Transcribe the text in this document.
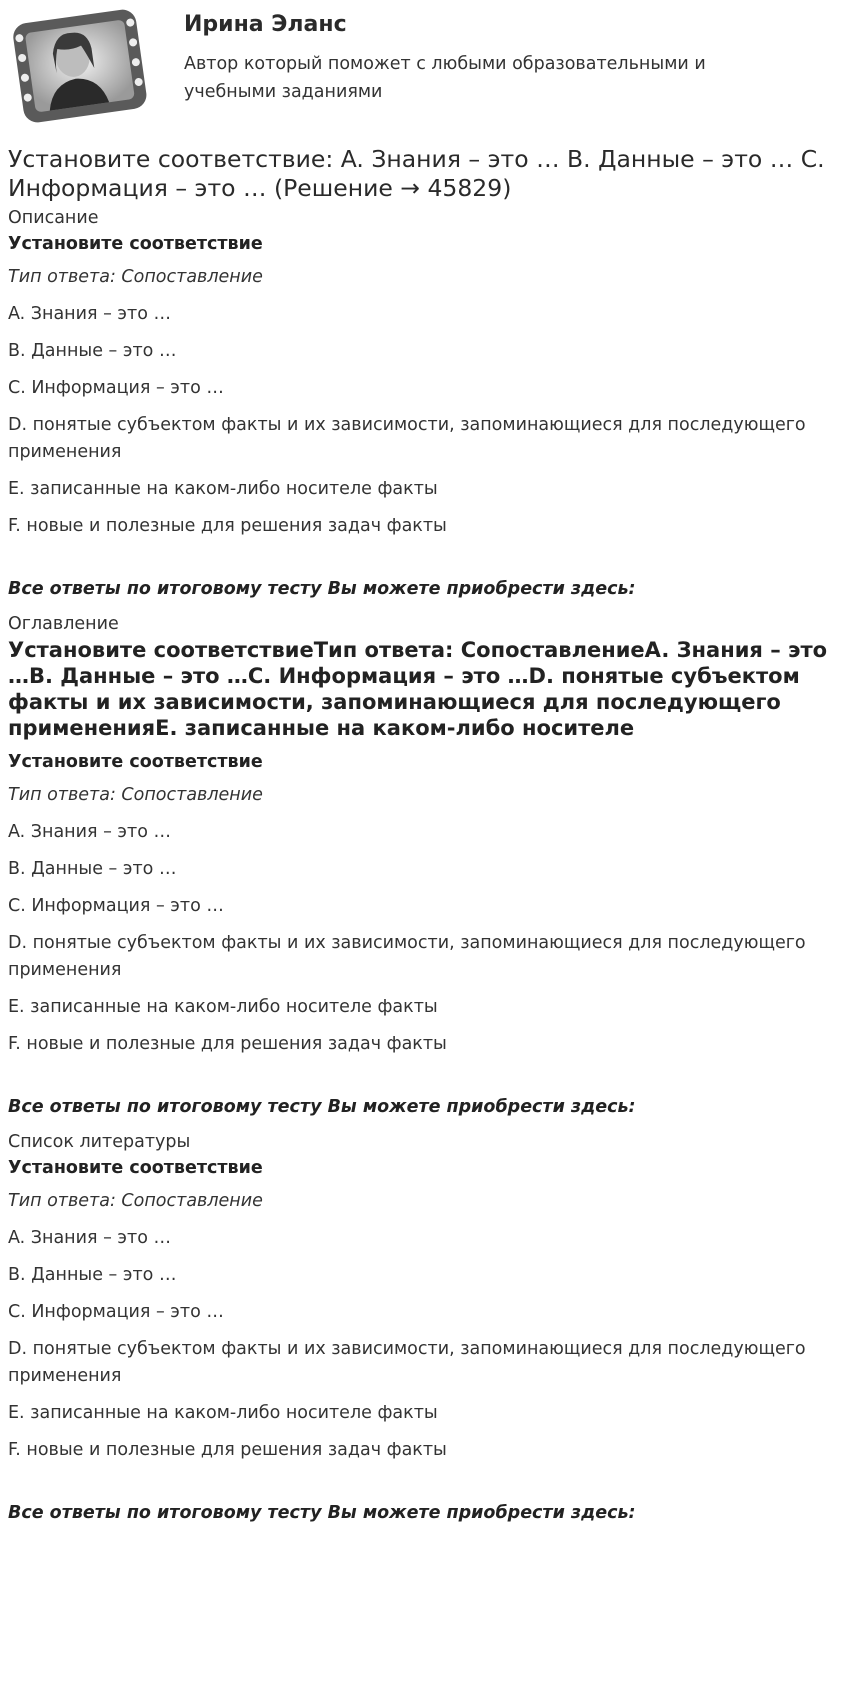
Ирина Эланс
Автор который поможет с любыми образовательными и учебными заданиями
Установите соответствие: A. Знания – это … B. Данные – это … C. Информация – это … (Решение → 45829)

Описание

Установите соответствие

Тип ответа: Сопоставление

A. Знания – это …

B. Данные – это …

C. Информация – это …

D. понятые субъектом факты и их зависимости, запоминающиеся для последующего применения

E. записанные на каком-либо носителе факты

F. новые и полезные для решения задач факты

Все ответы по итоговому тесту Вы можете приобрести здесь:

Оглавление

Установите соответствиеТип ответа: СопоставлениеA. Знания – это …B. Данные – это …C. Информация – это …D. понятые субъектом факты и их зависимости, запоминающиеся для последующего примененияE. записанные на каком-либо носителе

Установите соответствие

Тип ответа: Сопоставление

A. Знания – это …

B. Данные – это …

C. Информация – это …

D. понятые субъектом факты и их зависимости, запоминающиеся для последующего применения

E. записанные на каком-либо носителе факты

F. новые и полезные для решения задач факты

Все ответы по итоговому тесту Вы можете приобрести здесь:

Список литературы

Установите соответствие

Тип ответа: Сопоставление

A. Знания – это …

B. Данные – это …

C. Информация – это …

D. понятые субъектом факты и их зависимости, запоминающиеся для последующего применения

E. записанные на каком-либо носителе факты

F. новые и полезные для решения задач факты

Все ответы по итоговому тесту Вы можете приобрести здесь:
